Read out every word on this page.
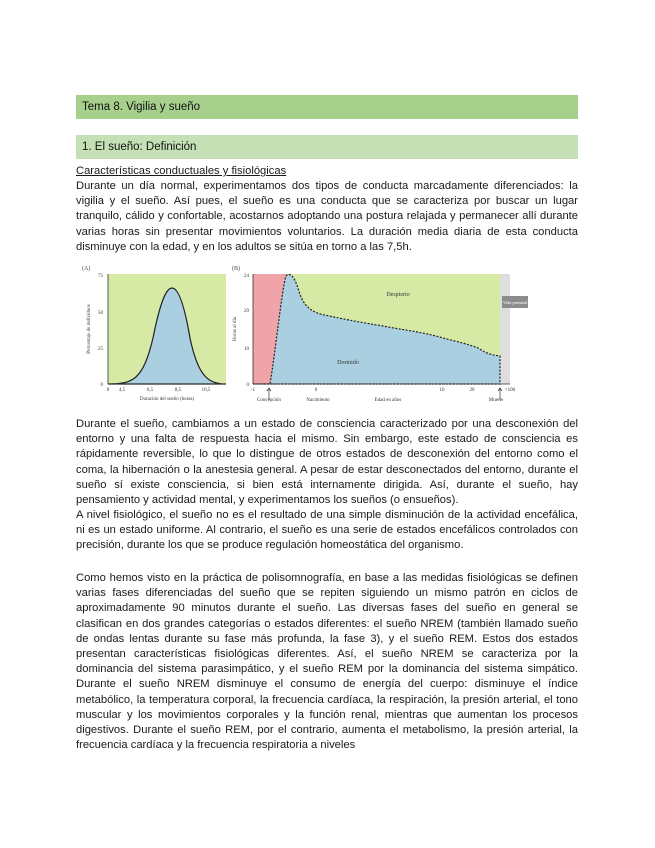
Tema 8. Vigilia y sueño
1. El sueño: Definición
Características conductuales y fisiológicas

Durante un día normal, experimentamos dos tipos de conducta marcadamente diferenciados: la vigilia y el sueño. Así pues, el sueño es una conducta que se caracteriza por buscar un lugar tranquilo, cálido y confortable, acostarnos adoptando una postura relajada y permanecer allí durante varias horas sin presentar movimientos voluntarios. La duración media diaria de esta conducta disminuye con la edad, y en los adultos se sitúa en torno a las 7,5h.

(A)
75
50
25
0
0 4,5	6,5	8,5	10,5
Duración del sueño (horas)
Porcentaje de individuos
(B)
Despierto
Dormido
Vida prenatal
24
20
10
0
Horas al día
-1	0	10	20	>100
Concepción	Nacimiento	Edad en años	Muerte

Durante el sueño, cambiamos a un estado de consciencia caracterizado por una desconexión del entorno y una falta de respuesta hacia el mismo. Sin embargo, este estado de consciencia es rápidamente reversible, lo que lo distingue de otros estados de desconexión del entorno como el coma, la hibernación o la anestesia general. A pesar de estar desconectados del entorno, durante el sueño sí existe consciencia, si bien está internamente dirigida. Así, durante el sueño, hay pensamiento y actividad mental, y experimentamos los sueños (o ensueños).

A nivel fisiológico, el sueño no es el resultado de una simple disminución de la actividad encefálica, ni es un estado uniforme. Al contrario, el sueño es una serie de estados encefálicos controlados con precisión, durante los que se produce regulación homeostática del organismo.

Como hemos visto en la práctica de polisomnografía, en base a las medidas fisiológicas se definen varias fases diferenciadas del sueño que se repiten siguiendo un mismo patrón en ciclos de aproximadamente 90 minutos durante el sueño. Las diversas fases del sueño en general se clasifican en dos grandes categorías o estados diferentes: el sueño NREM (también llamado sueño de ondas lentas durante su fase más profunda, la fase 3), y el sueño REM. Estos dos estados presentan características fisiológicas diferentes. Así, el sueño NREM se caracteriza por la dominancia del sistema parasimpático, y el sueño REM por la dominancia del sistema simpático. Durante el sueño NREM disminuye el consumo de energía del cuerpo: disminuye el índice metabólico, la temperatura corporal, la frecuencia cardíaca, la respiración, la presión arterial, el tono muscular y los movimientos corporales y la función renal, mientras que aumentan los procesos digestivos. Durante el sueño REM, por el contrario, aumenta el metabolismo, la presión arterial, la frecuencia cardíaca y la frecuencia respiratoria a niveles
